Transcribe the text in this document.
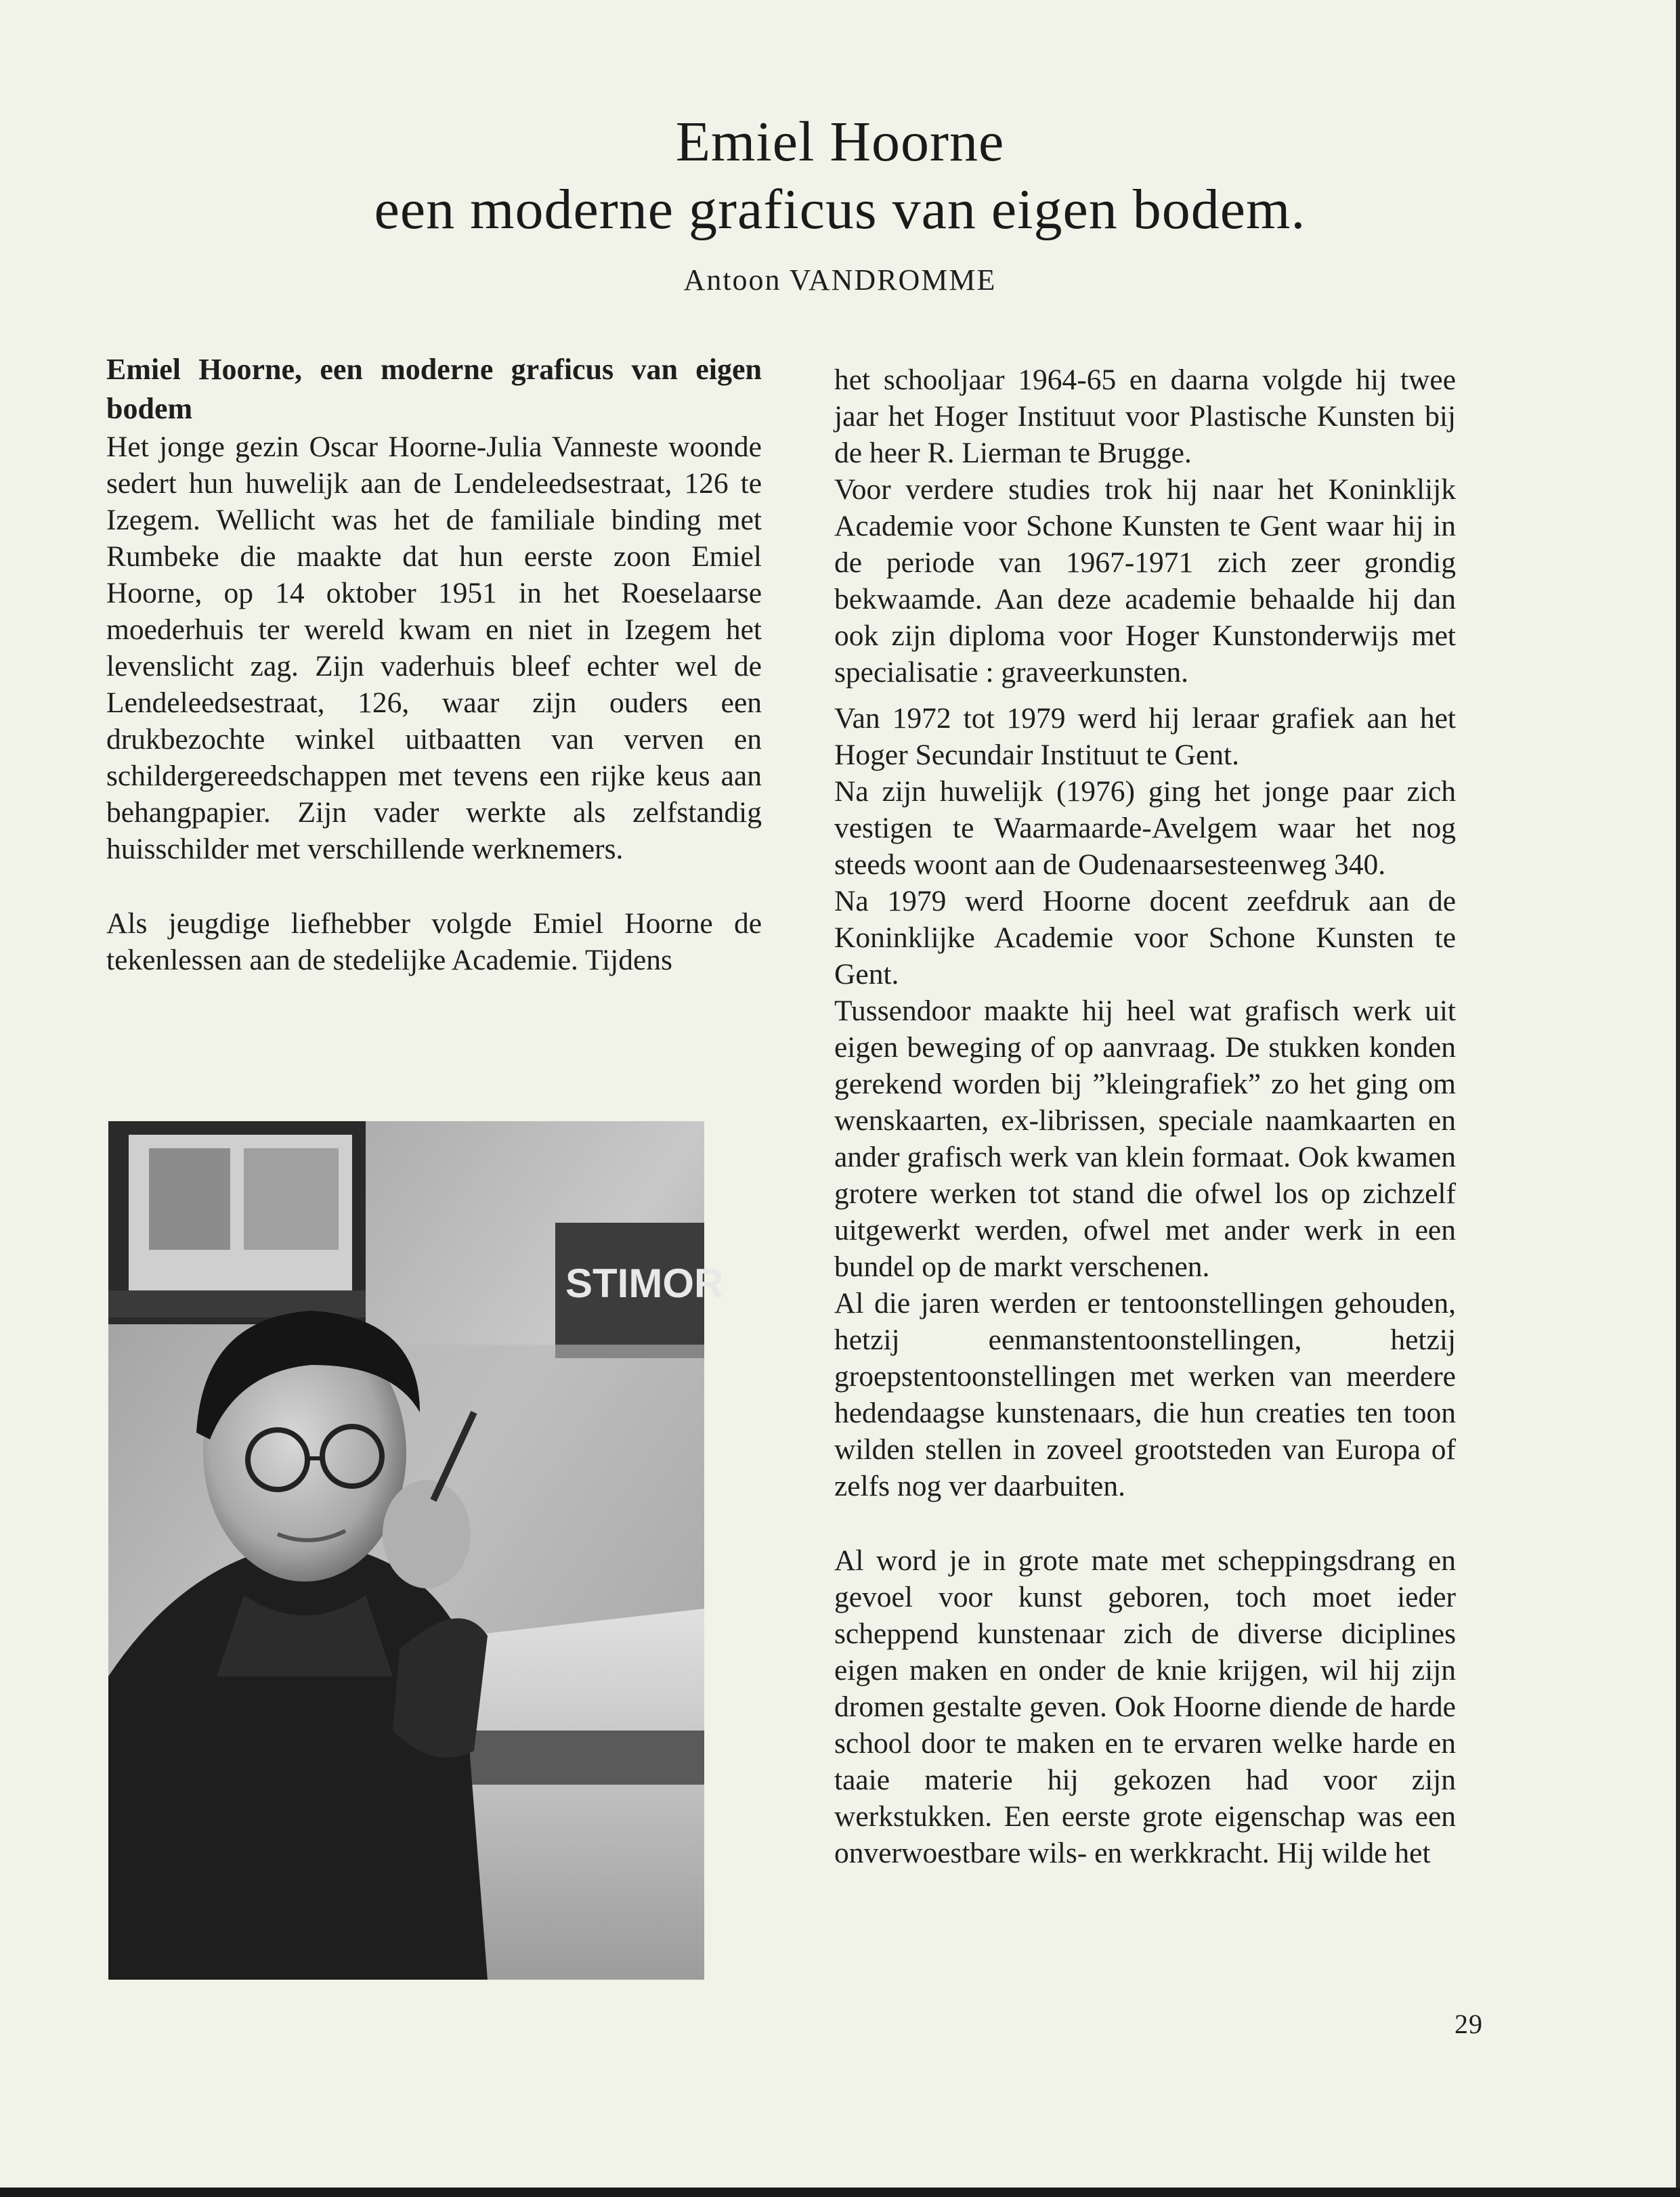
Emiel Hoorne
een moderne graficus van eigen bodem.
Antoon VANDROMME

Emiel Hoorne, een moderne graficus van eigen bodem

Het jonge gezin Oscar Hoorne-Julia Vanneste woonde sedert hun huwelijk aan de Lendeleedsestraat, 126 te Izegem. Wellicht was het de familiale binding met Rumbeke die maakte dat hun eerste zoon Emiel Hoorne, op 14 oktober 1951 in het Roeselaarse moederhuis ter wereld kwam en niet in Izegem het levenslicht zag. Zijn vaderhuis bleef echter wel de Lendeleedsestraat, 126, waar zijn ouders een drukbezochte winkel uitbaatten van verven en schildergereedschappen met tevens een rijke keus aan behangpapier. Zijn vader werkte als zelfstandig huisschilder met verschillende werknemers.

Als jeugdige liefhebber volgde Emiel Hoorne de tekenlessen aan de stedelijke Academie. Tijdens

STIMOR

het schooljaar 1964-65 en daarna volgde hij twee jaar het Hoger Instituut voor Plastische Kunsten bij de heer R. Lierman te Brugge.

Voor verdere studies trok hij naar het Koninklijk Academie voor Schone Kunsten te Gent waar hij in de periode van 1967-1971 zich zeer grondig bekwaamde. Aan deze academie behaalde hij dan ook zijn diploma voor Hoger Kunstonderwijs met specialisatie : graveerkunsten.

Van 1972 tot 1979 werd hij leraar grafiek aan het Hoger Secundair Instituut te Gent.

Na zijn huwelijk (1976) ging het jonge paar zich vestigen te Waarmaarde-Avelgem waar het nog steeds woont aan de Oudenaarsesteenweg 340.

Na 1979 werd Hoorne docent zeefdruk aan de Koninklijke Academie voor Schone Kunsten te Gent.

Tussendoor maakte hij heel wat grafisch werk uit eigen beweging of op aanvraag. De stukken konden gerekend worden bij ”kleingrafiek” zo het ging om wenskaarten, ex-librissen, speciale naamkaarten en ander grafisch werk van klein formaat. Ook kwamen grotere werken tot stand die ofwel los op zichzelf uitgewerkt werden, ofwel met ander werk in een bundel op de markt verschenen.

Al die jaren werden er tentoonstellingen gehouden, hetzij eenmanstentoonstellingen, hetzij groepstentoonstellingen met werken van meerdere hedendaagse kunstenaars, die hun creaties ten toon wilden stellen in zoveel grootsteden van Europa of zelfs nog ver daarbuiten.

Al word je in grote mate met scheppingsdrang en gevoel voor kunst geboren, toch moet ieder scheppend kunstenaar zich de diverse diciplines eigen maken en onder de knie krijgen, wil hij zijn dromen gestalte geven. Ook Hoorne diende de harde school door te maken en te ervaren welke harde en taaie materie hij gekozen had voor zijn werkstukken. Een eerste grote eigenschap was een onverwoestbare wils- en werkkracht. Hij wilde het

29
